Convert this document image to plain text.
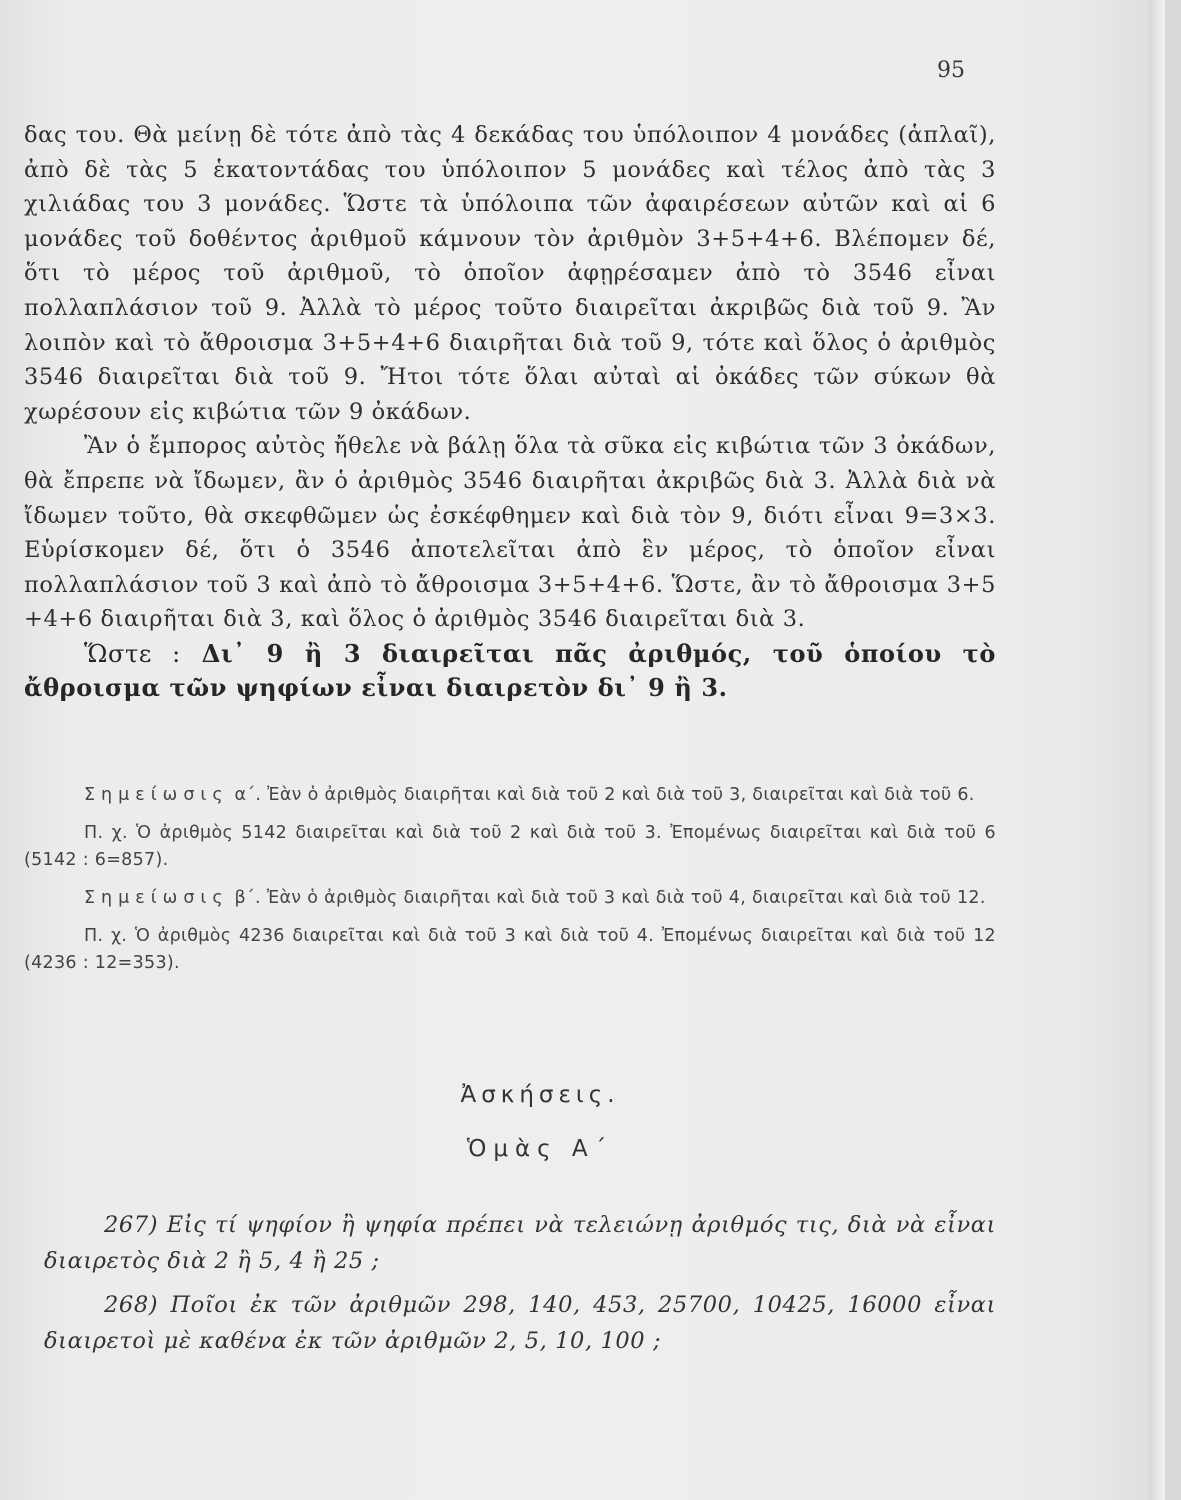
95

δας του. Θὰ μείνῃ δὲ τότε ἀπὸ τὰς 4 δεκάδας του ὑπόλοιπον 4 μονάδες (ἁπλαῖ), ἀπὸ δὲ τὰς 5 ἑκατοντάδας του ὑπόλοιπον 5 μονάδες καὶ τέλος ἀπὸ τὰς 3 χιλιάδας του 3 μονάδες. Ὥστε τὰ ὑπόλοιπα τῶν ἀφαιρέσεων αὐτῶν καὶ αἱ 6 μονάδες τοῦ δοθέντος ἀριθμοῦ κάμνουν τὸν ἀριθμὸν 3+5+4+6. Βλέπομεν δέ, ὅτι τὸ μέρος τοῦ ἀριθμοῦ, τὸ ὁποῖον ἀφῃρέσαμεν ἀπὸ τὸ 3546 εἶναι πολλαπλάσιον τοῦ 9. Ἀλλὰ τὸ μέρος τοῦτο διαιρεῖται ἀκριβῶς διὰ τοῦ 9. Ἂν λοιπὸν καὶ τὸ ἄθροισμα 3+5+4+6 διαιρῆται διὰ τοῦ 9, τότε καὶ ὅλος ὁ ἀριθμὸς 3546 διαιρεῖται διὰ τοῦ 9. Ἤτοι τότε ὅλαι αὐταὶ αἱ ὀκάδες τῶν σύκων θὰ χωρέσουν εἰς κιβώτια τῶν 9 ὀκάδων.

Ἂν ὁ ἔμπορος αὐτὸς ἤθελε νὰ βάλῃ ὅλα τὰ σῦκα εἰς κιβώτια τῶν 3 ὀκάδων, θὰ ἔπρεπε νὰ ἴδωμεν, ἂν ὁ ἀριθμὸς 3546 διαιρῆται ἀκριβῶς διὰ 3. Ἀλλὰ διὰ νὰ ἴδωμεν τοῦτο, θὰ σκεφθῶμεν ὡς ἐσκέφθημεν καὶ διὰ τὸν 9, διότι εἶναι 9=3×3. Εὑρίσκομεν δέ, ὅτι ὁ 3546 ἀποτελεῖται ἀπὸ ἓν μέρος, τὸ ὁποῖον εἶναι πολλαπλάσιον τοῦ 3 καὶ ἀπὸ τὸ ἄθροισμα 3+5+4+6. Ὥστε, ἂν τὸ ἄθροισμα 3+5 +4+6 διαιρῆται διὰ 3, καὶ ὅλος ὁ ἀριθμὸς 3546 διαιρεῖται διὰ 3.

Ὥστε : Δι᾽ 9 ἢ 3 διαιρεῖται πᾶς ἀριθμός, τοῦ ὁποίου τὸ ἄθροισμα τῶν ψηφίων εἶναι διαιρετὸν δι᾽ 9 ἢ 3.

Σημείωσις α΄. Ἐὰν ὁ ἀριθμὸς διαιρῆται καὶ διὰ τοῦ 2 καὶ διὰ τοῦ 3, διαιρεῖται καὶ διὰ τοῦ 6.

Π. χ. Ὁ ἀριθμὸς 5142 διαιρεῖται καὶ διὰ τοῦ 2 καὶ διὰ τοῦ 3. Ἐπομένως διαιρεῖται καὶ διὰ τοῦ 6 (5142 : 6=857).

Σημείωσις β΄. Ἐὰν ὁ ἀριθμὸς διαιρῆται καὶ διὰ τοῦ 3 καὶ διὰ τοῦ 4, διαιρεῖται καὶ διὰ τοῦ 12.

Π. χ. Ὁ ἀριθμὸς 4236 διαιρεῖται καὶ διὰ τοῦ 3 καὶ διὰ τοῦ 4. Ἐπομένως διαιρεῖται καὶ διὰ τοῦ 12 (4236 : 12=353).

Ἀσκήσεις.
Ὁμὰς Α΄

267) Εἰς τί ψηφίον ἢ ψηφία πρέπει νὰ τελειώνῃ ἀριθμός τις, διὰ νὰ εἶναι διαιρετὸς διὰ 2 ἢ 5, 4 ἢ 25 ;

268) Ποῖοι ἐκ τῶν ἀριθμῶν 298, 140, 453, 25700, 10425, 16000 εἶναι διαιρετοὶ μὲ καθένα ἐκ τῶν ἀριθμῶν 2, 5, 10, 100 ;
